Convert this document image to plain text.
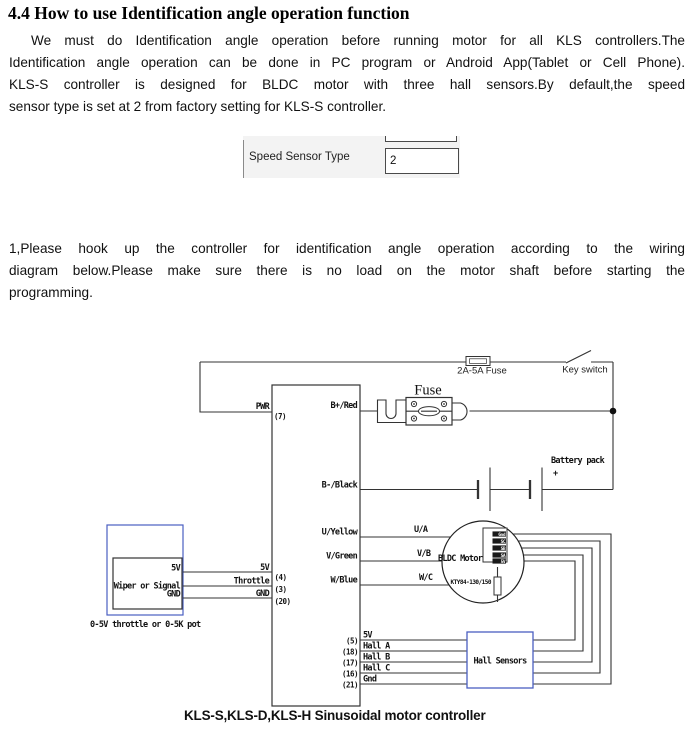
4.4 How to use Identification angle operation function
We must do Identification angle operation before running motor for all KLS controllers.The
Identification angle operation can be done in PC program or Android App(Tablet or Cell Phone).
KLS-S controller is designed for BLDC motor with three hall sensors.By default,the speed
sensor type is set at 2 from factory setting for KLS-S controller.
Speed Sensor Type
2
1,Please hook up the controller for identification angle operation according to the wiring
diagram below.Please make sure there is no load on the motor shaft before starting the
programming.
Gnd
SC
SB
SA
5V
BLDC Motor
KTY84-130/150
Hall Sensors
PWR
(7)
2A-5A Fuse	Key switch
Fuse
Battery pack
+
B+/Red
B-/Black
U/Yellow
V/Green
W/Blue
U/A
V/B
W/C
(5)
(18)
(17)
(16)
(21)
5V
Hall A
Hall B
Hall C
Gnd
5V
Wiper or Signal
GND
5V
Throttle
GND
(4)
(3)
(20)
0-5V throttle or 0-5K pot
KLS-S,KLS-D,KLS-H Sinusoidal motor controller
